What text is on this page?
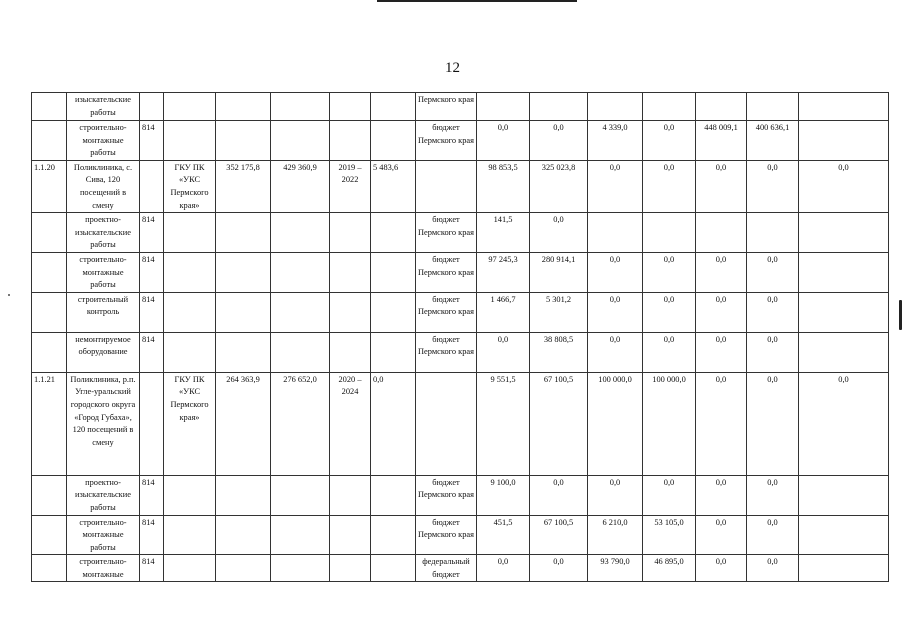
12
	изыскательские работы							Пермского края							
	строительно-монтажные работы	814						бюджет Пермского края	0,0	0,0	4 339,0	0,0	448 009,1	400 636,1	
1.1.20	Поликлиника, с. Сива, 120 посещений в смену		ГКУ ПК «УКС Пермского края»	352 175,8	429 360,9	2019 – 2022	5 483,6		98 853,5	325 023,8	0,0	0,0	0,0	0,0	0,0
	проектно-изыскательские работы	814						бюджет Пермского края	141,5	0,0					
	строительно-монтажные работы	814						бюджет Пермского края	97 245,3	280 914,1	0,0	0,0	0,0	0,0	
	строительный контроль	814						бюджет Пермского края	1 466,7	5 301,2	0,0	0,0	0,0	0,0	
	немонтируемое оборудование	814						бюджет Пермского края	0,0	38 808,5	0,0	0,0	0,0	0,0	
1.1.21	Поликлиника, р.п. Угле-уральский городского округа «Город Губаха», 120 посещений в смену		ГКУ ПК «УКС Пермского края»	264 363,9	276 652,0	2020 – 2024	0,0		9 551,5	67 100,5	100 000,0	100 000,0	0,0	0,0	0,0
	проектно-изыскательские работы	814						бюджет Пермского края	9 100,0	0,0	0,0	0,0	0,0	0,0	
	строительно-монтажные работы	814						бюджет Пермского края	451,5	67 100,5	6 210,0	53 105,0	0,0	0,0	
	строительно-монтажные	814						федеральный бюджет	0,0	0,0	93 790,0	46 895,0	0,0	0,0	
